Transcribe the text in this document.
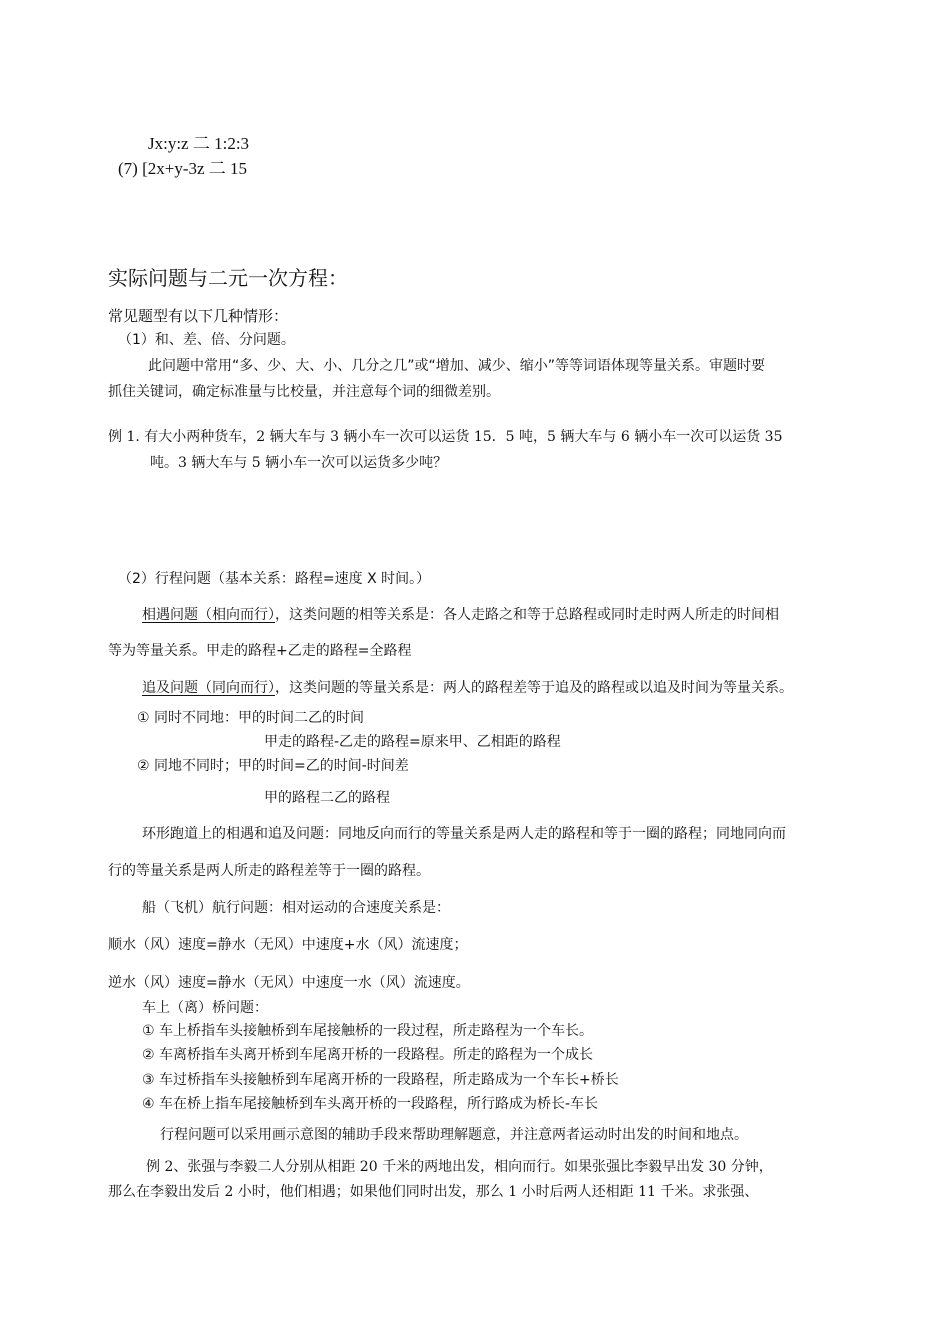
Jx:y:z 二 1:2:3
(7) [2x+y-3z 二 15
实际问题与二元一次方程：
常见题型有以下几种情形：
（1）和、差、倍、分问题。
此问题中常用“多、少、大、小、几分之几”或“增加、减少、缩小”等等词语体现等量关系。审题时要
抓住关键词，确定标准量与比校量，并注意每个词的细微差别。
例 1. 有大小两种货车，2 辆大车与 3 辆小车一次可以运货 15．5 吨，5 辆大车与 6 辆小车一次可以运货 35
吨。3 辆大车与 5 辆小车一次可以运货多少吨？
（2）行程问题（基本关系：路程=速度 X 时间。）
相遇问题（相向而行），这类问题的相等关系是：各人走路之和等于总路程或同时走时两人所走的时间相
等为等量关系。甲走的路程+乙走的路程=全路程
追及问题（同向而行），这类问题的等量关系是：两人的路程差等于追及的路程或以追及时间为等量关系。
① 同时不同地：甲的时间二乙的时间
甲走的路程-乙走的路程=原来甲、乙相距的路程
② 同地不同时；甲的时间=乙的时间-时间差
甲的路程二乙的路程
环形跑道上的相遇和追及问题：同地反向而行的等量关系是两人走的路程和等于一圈的路程；同地同向而
行的等量关系是两人所走的路程差等于一圈的路程。
船（飞机）航行问题：相对运动的合速度关系是：
顺水（风）速度=静水（无风）中速度+水（风）流速度；
逆水（风）速度=静水（无风）中速度一水（风）流速度。
车上（离）桥问题：
① 车上桥指车头接触桥到车尾接触桥的一段过程，所走路程为一个车长。
② 车离桥指车头离开桥到车尾离开桥的一段路程。所走的路程为一个成长
③ 车过桥指车头接触桥到车尾离开桥的一段路程，所走路成为一个车长+桥长
④ 车在桥上指车尾接触桥到车头离开桥的一段路程，所行路成为桥长-车长
行程问题可以采用画示意图的辅助手段来帮助理解题意，并注意两者运动时出发的时间和地点。
例 2、张强与李毅二人分别从相距 20 千米的两地出发，相向而行。如果张强比李毅早出发 30 分钟，
那么在李毅出发后 2 小时，他们相遇；如果他们同时出发，那么 1 小时后两人还相距 11 千米。求张强、
